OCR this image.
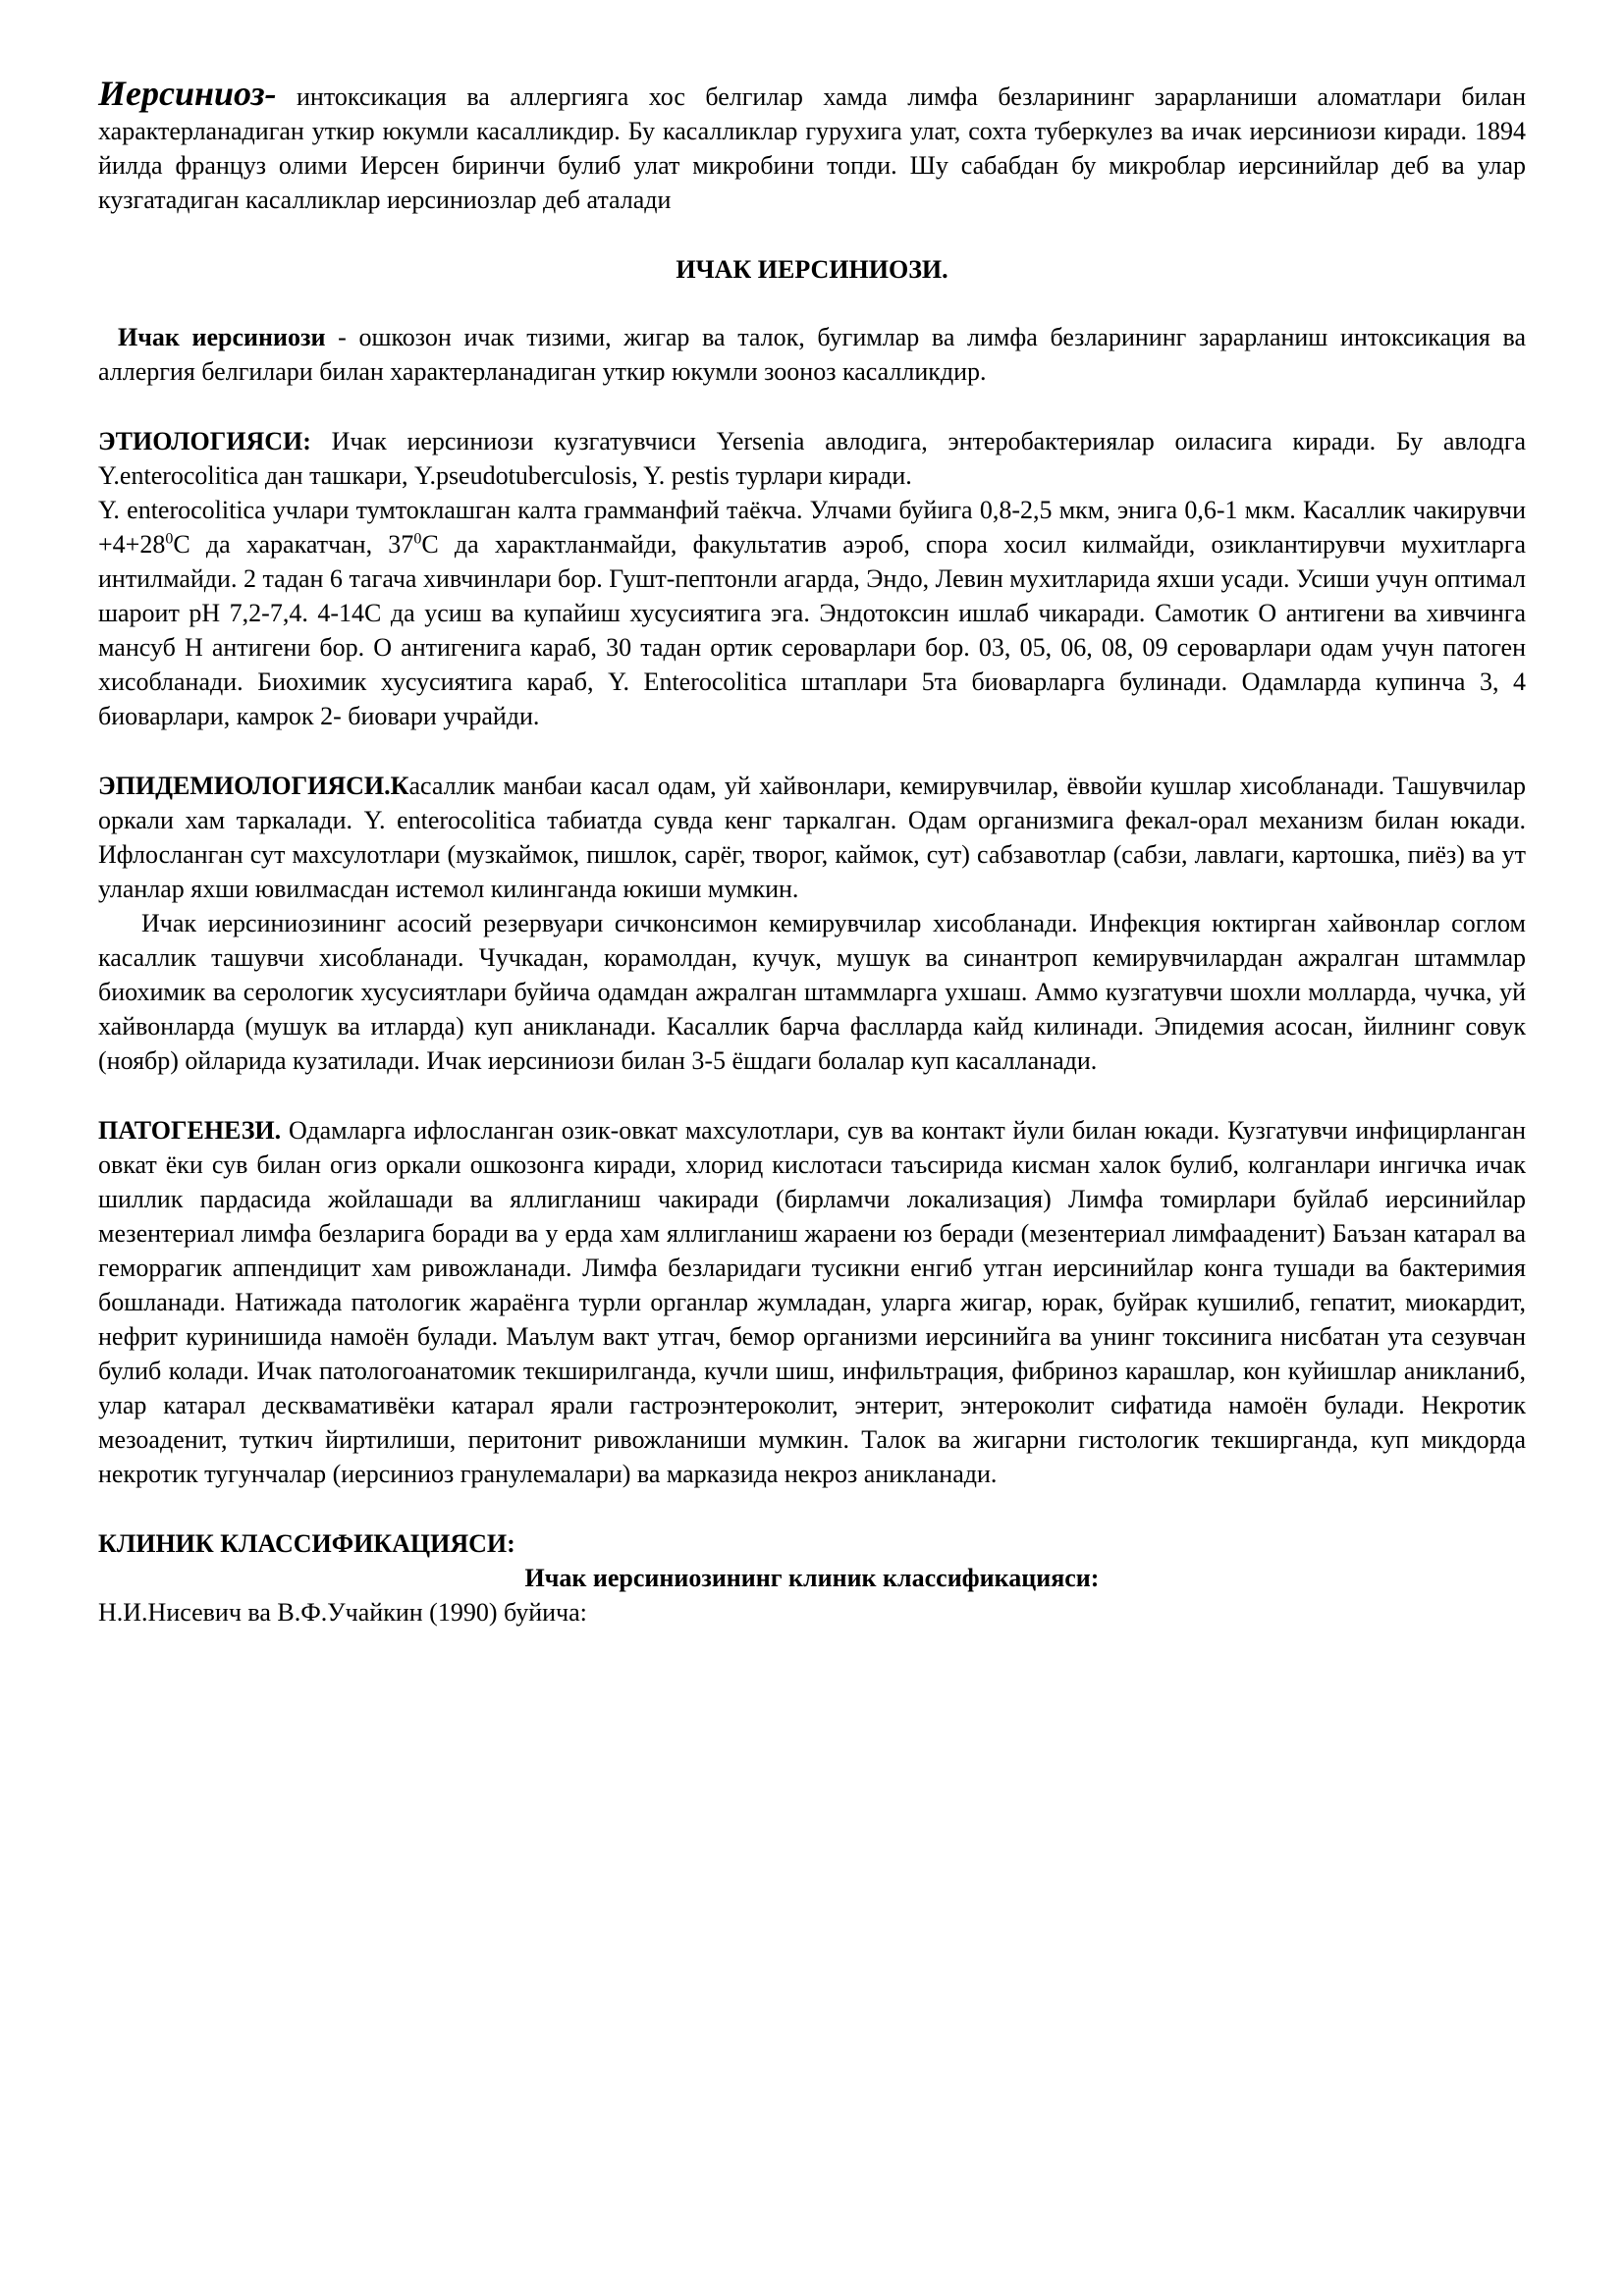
Иерсиниоз- интоксикация ва аллергияга хос белгилар хамда лимфа безларининг зарарланиши аломатлари билан характерланадиган уткир юкумли касалликдир. Бу касалликлар гурухига улат, сохта туберкулез ва ичак иерсиниози киради. 1894 йилда француз олими Иерсен биринчи булиб улат микробини топди. Шу сабабдан бу микроблар иерсинийлар деб ва улар кузгатадиган касалликлар иерсиниозлар деб аталади

ИЧАК ИЕРСИНИОЗИ.

Ичак иерсиниози - ошкозон ичак тизими, жигар ва талок, бугимлар ва лимфа безларининг зарарланиш интоксикация ва аллергия белгилари билан характерланадиган уткир юкумли зооноз касалликдир.

ЭТИОЛОГИЯСИ: Ичак иерсиниози кузгатувчиси Yersenia авлодига, энтеробактериялар оиласига киради. Бу авлодга Y.enterocolitica дан ташкари, Y.pseudotuberculosis, Y. pestis турлари киради.

Y. enterocolitica учлари тумтоклашган калта грамманфий таёкча. Улчами буйига 0,8-2,5 мкм, энига 0,6-1 мкм. Касаллик чакирувчи $+4+28^0С$ да харакатчан, $37^0С$ да характланмайди, факультатив аэроб, спора хосил килмайди, озиклантирувчи мухитларга интилмайди. 2 тадан 6 тагача хивчинлари бор. Гушт-пептонли агарда, Эндо, Левин мухитларида яхши усади. Усиши учун оптимал шароит рН 7,2-7,4. 4-14С да усиш ва купайиш хусусиятига эга. Эндотоксин ишлаб чикаради. Самотик О антигени ва хивчинга мансуб Н антигени бор. О антигенига караб, 30 тадан ортик сероварлари бор. 03, 05, 06, 08, 09 сероварлари одам учун патоген хисобланади. Биохимик хусусиятига караб, Y. Enterocolitica штаплари 5та биоварларга булинади. Одамларда купинча 3, 4 биоварлари, камрок 2- биовари учрайди.

ЭПИДЕМИОЛОГИЯСИ.Касаллик манбаи касал одам, уй хайвонлари, кемирувчилар, ёввойи кушлар хисобланади. Ташувчилар оркали хам таркалади. Y. enterocolitica табиатда сувда кенг таркалган. Одам организмига фекал-орал механизм билан юкади. Ифлосланган сут махсулотлари (музкаймок, пишлок, сарёг, творог, каймок, сут) сабзавотлар (сабзи, лавлаги, картошка, пиёз) ва ут уланлар яхши ювилмасдан истемол килинганда юкиши мумкин.

Ичак иерсиниозининг асосий резервуари сичконсимон кемирувчилар хисобланади. Инфекция юктирган хайвонлар соглом касаллик ташувчи хисобланади. Чучкадан, корамолдан, кучук, мушук ва синантроп кемирувчилардан ажралган штаммлар биохимик ва серологик хусусиятлари буйича одамдан ажралган штаммларга ухшаш. Аммо кузгатувчи шохли молларда, чучка, уй хайвонларда (мушук ва итларда) куп аникланади. Касаллик барча фаслларда кайд килинади. Эпидемия асосан, йилнинг совук (ноябр) ойларида кузатилади. Ичак иерсиниози билан 3-5 ёшдаги болалар куп касалланади.

ПАТОГЕНЕЗИ. Одамларга ифлосланган озик-овкат махсулотлари, сув ва контакт йули билан юкади. Кузгатувчи инфицирланган овкат ёки сув билан огиз оркали ошкозонга киради, хлорид кислотаси таъсирида кисман халок булиб, колганлари ингичка ичак шиллик пардасида жойлашади ва яллигланиш чакиради (бирламчи локализация) Лимфа томирлари буйлаб иерсинийлар мезентериал лимфа безларига боради ва у ерда хам яллигланиш жараени юз беради (мезентериал лимфааденит) Баъзан катарал ва геморрагик аппендицит хам ривожланади. Лимфа безларидаги тусикни енгиб утган иерсинийлар конга тушади ва бактеримия бошланади. Натижада патологик жараёнга турли органлар жумладан, уларга жигар, юрак, буйрак кушилиб, гепатит, миокардит, нефрит куринишида намоён булади. Маълум вакт утгач, бемор организми иерсинийга ва унинг токсинига нисбатан ута сезувчан булиб колади. Ичак патологоанатомик текширилганда, кучли шиш, инфильтрация, фибриноз карашлар, кон куйишлар аникланиб, улар катарал десквамативёки катарал ярали гастроэнтероколит, энтерит, энтероколит сифатида намоён булади. Некротик мезоаденит, туткич йиртилиши, перитонит ривожланиши мумкин. Талок ва жигарни гистологик текширганда, куп микдорда некротик тугунчалар (иерсиниоз гранулемалари) ва марказида некроз аникланади.

КЛИНИК КЛАССИФИКАЦИЯСИ:

Ичак иерсиниозининг клиник классификацияси:

Н.И.Нисевич ва В.Ф.Учайкин (1990) буйича:
